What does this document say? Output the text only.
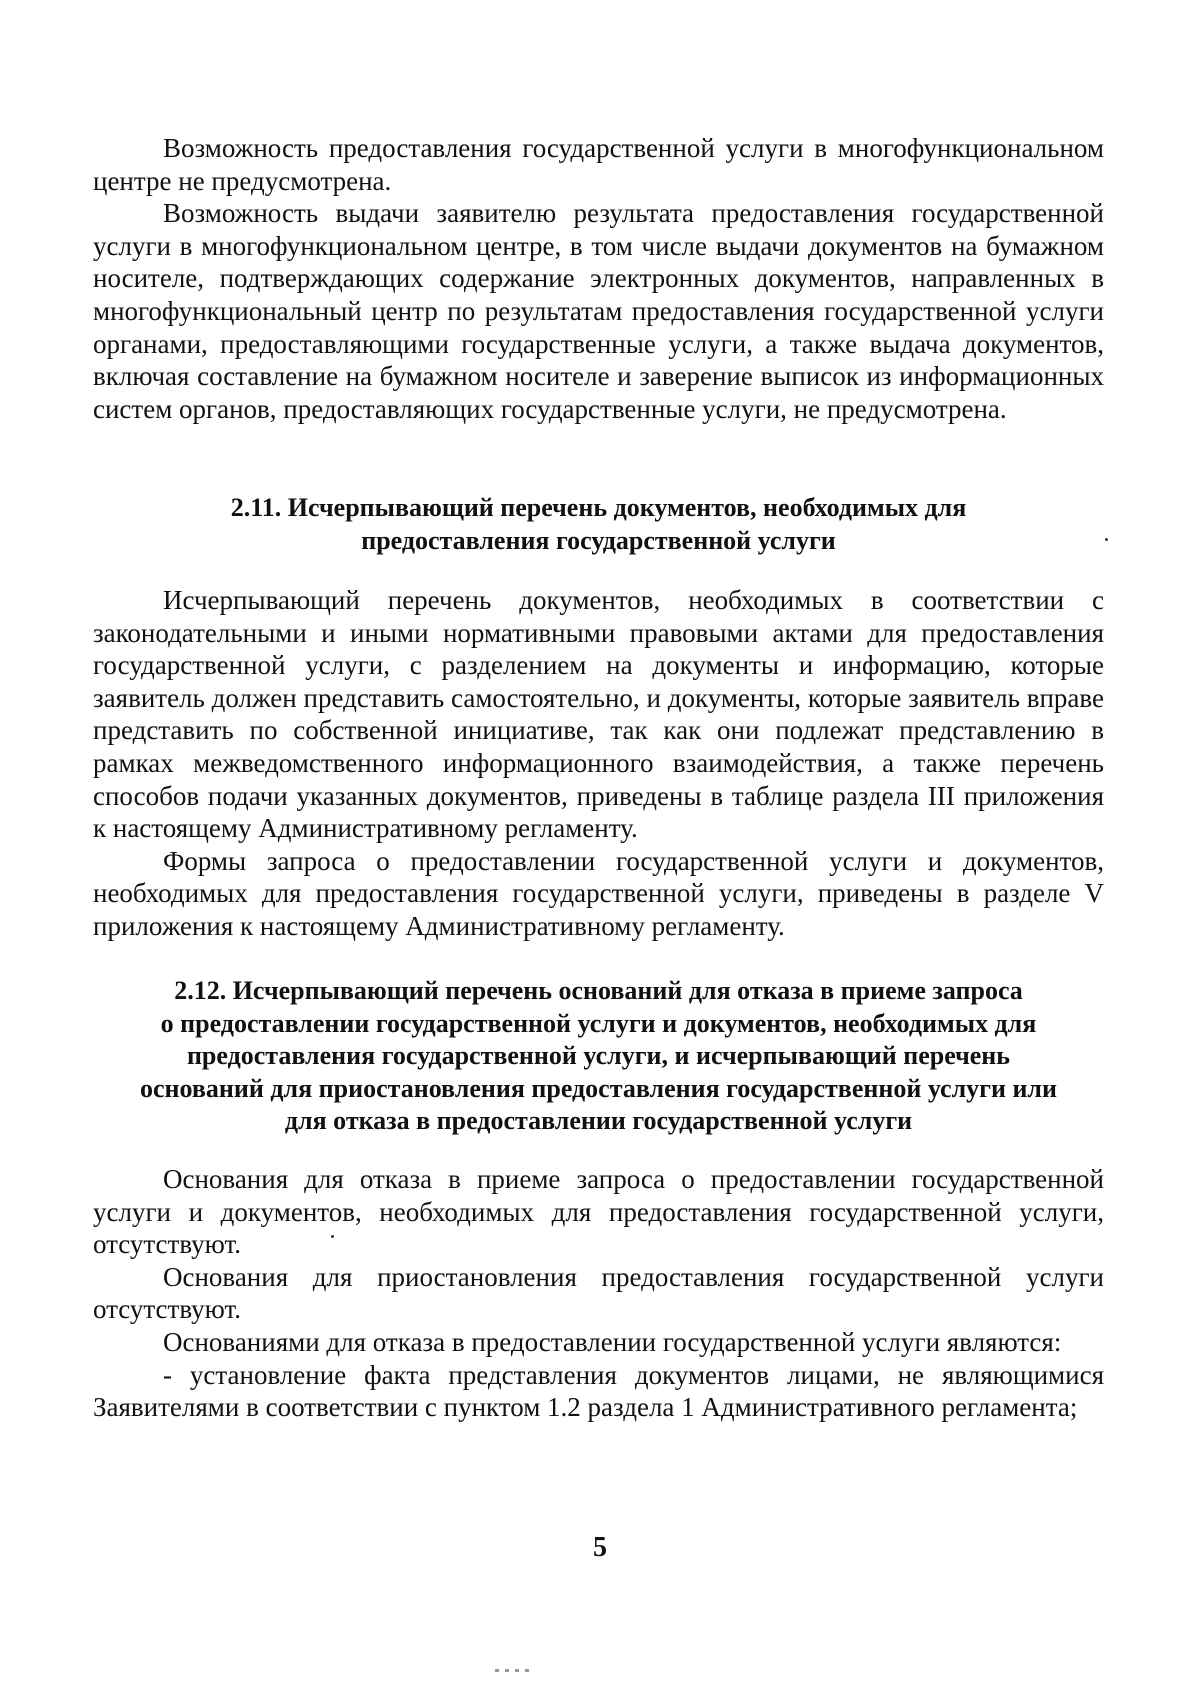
Возможность предоставления государственной услуги в многофункциональном центре не предусмотрена.

Возможность выдачи заявителю результата предоставления государственной услуги в многофункциональном центре, в том числе выдачи документов на бумажном носителе, подтверждающих содержание электронных документов, направленных в многофункциональный центр по результатам предоставления государственной услуги органами, предоставляющими государственные услуги, а также выдача документов, включая составление на бумажном носителе и заверение выписок из информационных систем органов, предоставляющих государственные услуги, не предусмотрена.

2.11. Исчерпывающий перечень документов, необходимых для
предоставления государственной услуги

Исчерпывающий перечень документов, необходимых в соответствии с законодательными и иными нормативными правовыми актами для предоставления государственной услуги, с разделением на документы и информацию, которые заявитель должен представить самостоятельно, и документы, которые заявитель вправе представить по собственной инициативе, так как они подлежат представлению в рамках межведомственного информационного взаимодействия, а также перечень способов подачи указанных документов, приведены в таблице раздела III приложения к настоящему Административному регламенту.

Формы запроса о предоставлении государственной услуги и документов, необходимых для предоставления государственной услуги, приведены в разделе V приложения к настоящему Административному регламенту.

2.12. Исчерпывающий перечень оснований для отказа в приеме запроса
о предоставлении государственной услуги и документов, необходимых для
предоставления государственной услуги, и исчерпывающий перечень
оснований для приостановления предоставления государственной услуги или
для отказа в предоставлении государственной услуги

Основания для отказа в приеме запроса о предоставлении государственной услуги и документов, необходимых для предоставления государственной услуги, отсутствуют.

Основания для приостановления предоставления государственной услуги отсутствуют.

Основаниями для отказа в предоставлении государственной услуги являются:

- установление факта представления документов лицами, не являющимися Заявителями в соответствии с пунктом 1.2 раздела 1 Административного регламента;

5
